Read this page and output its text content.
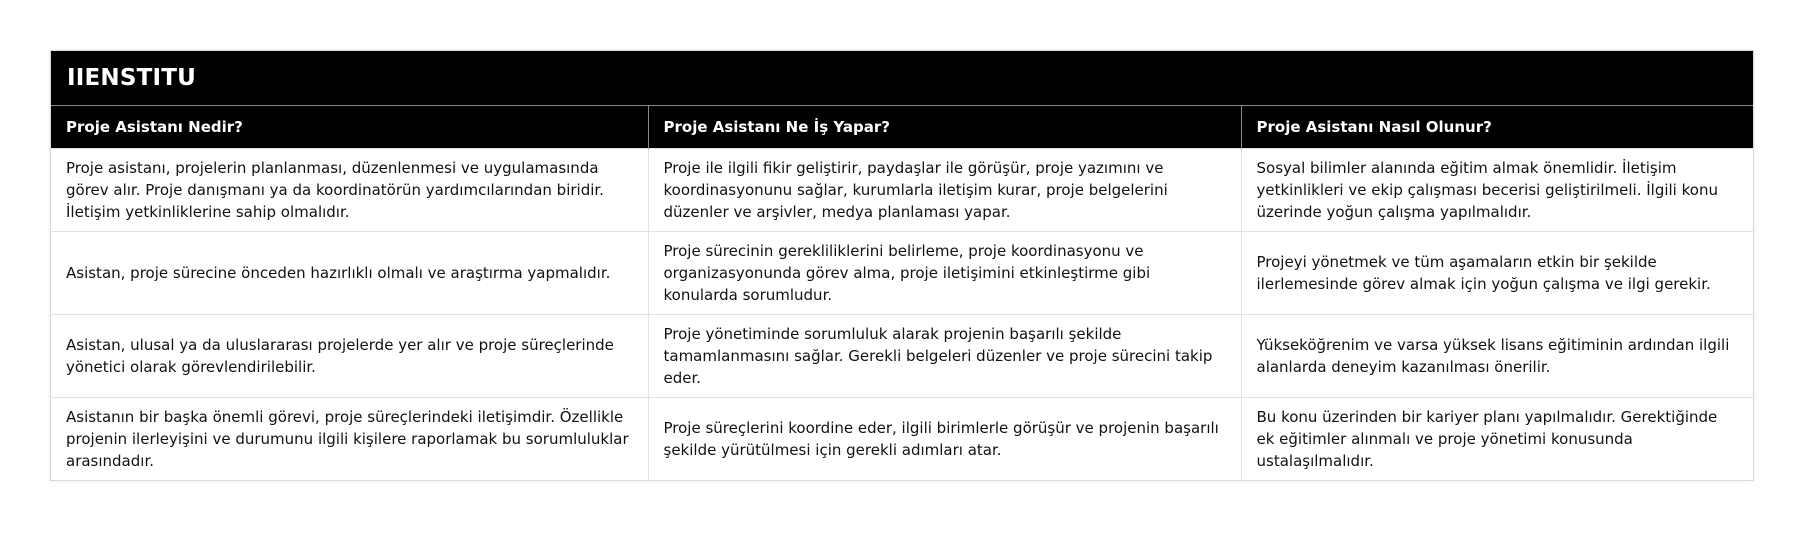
IIENSTITU
Proje Asistanı Nedir?	Proje Asistanı Ne İş Yapar?	Proje Asistanı Nasıl Olunur?
Proje asistanı, projelerin planlanması, düzenlenmesi ve uygulamasında görev alır. Proje danışmanı ya da koordinatörün yardımcılarından biridir. İletişim yetkinliklerine sahip olmalıdır.	Proje ile ilgili fikir geliştirir, paydaşlar ile görüşür, proje yazımını ve koordinasyonunu sağlar, kurumlarla iletişim kurar, proje belgelerini düzenler ve arşivler, medya planlaması yapar.	Sosyal bilimler alanında eğitim almak önemlidir. İletişim yetkinlikleri ve ekip çalışması becerisi geliştirilmeli. İlgili konu üzerinde yoğun çalışma yapılmalıdır.
Asistan, proje sürecine önceden hazırlıklı olmalı ve araştırma yapmalıdır.	Proje sürecinin gerekliliklerini belirleme, proje koordinasyonu ve organizasyonunda görev alma, proje iletişimini etkinleştirme gibi konularda sorumludur.	Projeyi yönetmek ve tüm aşamaların etkin bir şekilde ilerlemesinde görev almak için yoğun çalışma ve ilgi gerekir.
Asistan, ulusal ya da uluslararası projelerde yer alır ve proje süreçlerinde yönetici olarak görevlendirilebilir.	Proje yönetiminde sorumluluk alarak projenin başarılı şekilde tamamlanmasını sağlar. Gerekli belgeleri düzenler ve proje sürecini takip eder.	Yükseköğrenim ve varsa yüksek lisans eğitiminin ardından ilgili alanlarda deneyim kazanılması önerilir.
Asistanın bir başka önemli görevi, proje süreçlerindeki iletişimdir. Özellikle projenin ilerleyişini ve durumunu ilgili kişilere raporlamak bu sorumluluklar arasındadır.	Proje süreçlerini koordine eder, ilgili birimlerle görüşür ve projenin başarılı şekilde yürütülmesi için gerekli adımları atar.	Bu konu üzerinden bir kariyer planı yapılmalıdır. Gerektiğinde ek eğitimler alınmalı ve proje yönetimi konusunda ustalaşılmalıdır.
